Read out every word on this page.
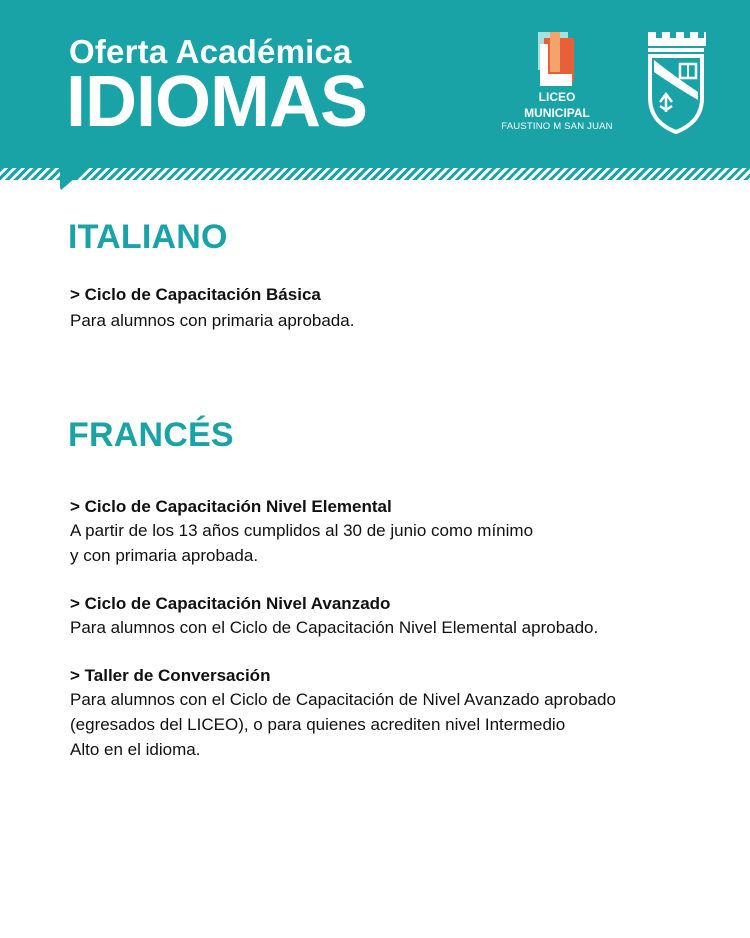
Oferta Académica
IDIOMAS	LICEO
MUNICIPAL
FAUSTINO M SAN JUAN
ITALIANO
> Ciclo de Capacitación Básica
Para alumnos con primaria aprobada.
FRANCÉS
> Ciclo de Capacitación Nivel Elemental
A partir de los 13 años cumplidos al 30 de junio como mínimo
y con primaria aprobada.
> Ciclo de Capacitación Nivel Avanzado
Para alumnos con el Ciclo de Capacitación Nivel Elemental aprobado.
> Taller de Conversación
Para alumnos con el Ciclo de Capacitación de Nivel Avanzado aprobado
(egresados del LICEO), o para quienes acrediten nivel Intermedio
Alto en el idioma.
